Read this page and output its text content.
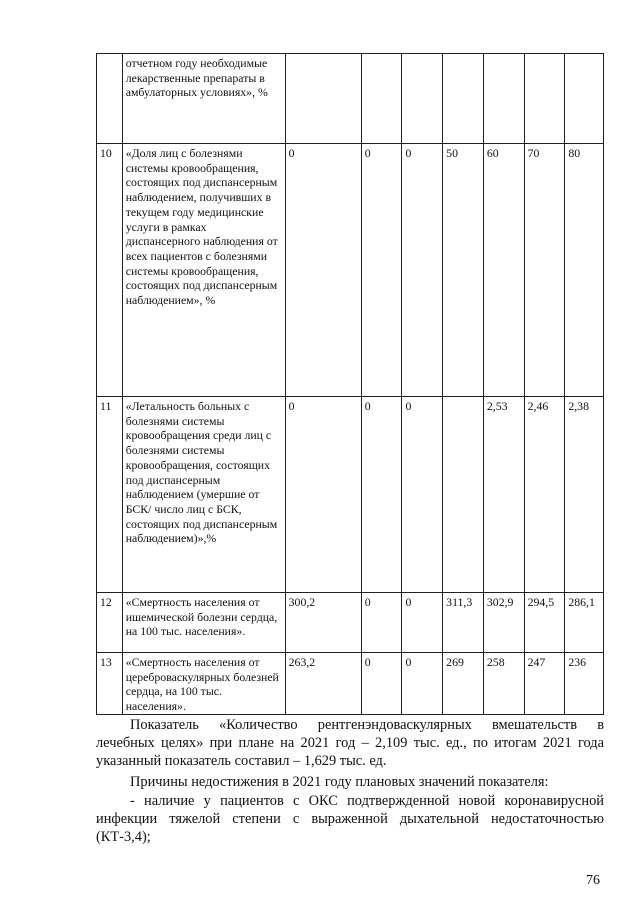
	отчетном году необходимые лекарственные препараты в амбулаторных условиях», %							
10	«Доля лиц с болезнями системы кровообращения, состоящих под диспансерным наблюдением, получивших в текущем году медицинские услуги в рамках диспансерного наблюдения от всех пациентов с болезнями системы кровообращения, состоящих под диспансерным наблюдением», %	0	0	0	50	60	70	80
11	«Летальность больных с болезнями системы кровообращения среди лиц с болезнями системы кровообращения, состоящих под диспансерным наблюдением (умершие от БСК/ число лиц с БСК, состоящих под диспансерным наблюдением)»,%	0	0	0		2,53	2,46	2,38
12	«Смертность населения от ишемической болезни сердца, на 100 тыс. населения».	300,2	0	0	311,3	302,9	294,5	286,1
13	«Смертность населения от цереброваскулярных болезней сердца, на 100 тыс. населения».	263,2	0	0	269	258	247	236
Показатель «Количество рентгенэндоваскулярных вмешательств в
лечебных целях» при плане на 2021 год – 2,109 тыс. ед., по итогам 2021 года
указанный показатель составил – 1,629 тыс. ед.
Причины недостижения в 2021 году плановых значений показателя:
- наличие у пациентов с ОКС подтвержденной новой коронавирусной
инфекции тяжелой степени с выраженной дыхательной недостаточностью
(КТ-3,4);
76
